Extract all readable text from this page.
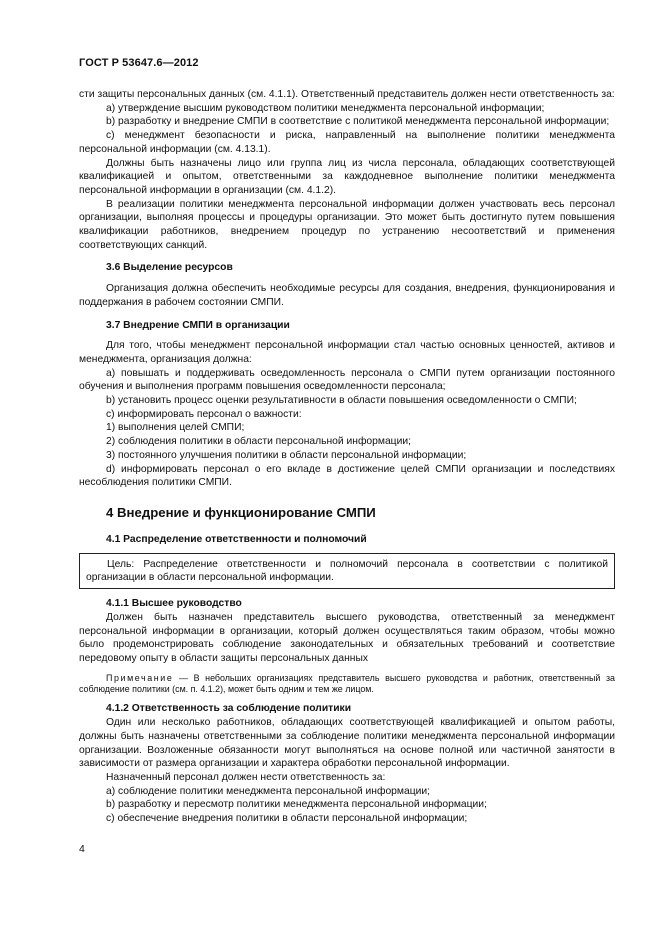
ГОСТ Р 53647.6—2012

сти защиты персональных данных (см. 4.1.1). Ответственный представитель должен нести ответственность за:

а) утверждение высшим руководством политики менеджмента персональной информации;

b) разработку и внедрение СМПИ в соответствие с политикой менеджмента персональной информации;

с) менеджмент безопасности и риска, направленный на выполнение политики менеджмента персональной информации (см. 4.13.1).

Должны быть назначены лицо или группа лиц из числа персонала, обладающих соответствующей квалификацией и опытом, ответственными за каждодневное выполнение политики менеджмента персональной информации в организации (см. 4.1.2).

В реализации политики менеджмента персональной информации должен участвовать весь персонал организации, выполняя процессы и процедуры организации. Это может быть достигнуто путем повышения квалификации работников, внедрением процедур по устранению несоответствий и применения соответствующих санкций.

3.6 Выделение ресурсов

Организация должна обеспечить необходимые ресурсы для создания, внедрения, функционирования и поддержания в рабочем состоянии СМПИ.

3.7 Внедрение СМПИ в организации

Для того, чтобы менеджмент персональной информации стал частью основных ценностей, активов и менеджмента, организация должна:

а) повышать и поддерживать осведомленность персонала о СМПИ путем организации постоянного обучения и выполнения программ повышения осведомленности персонала;

b) установить процесс оценки результативности в области повышения осведомленности о СМПИ;

с) информировать персонал о важности:

1) выполнения целей СМПИ;

2) соблюдения политики в области персональной информации;

3) постоянного улучшения политики в области персональной информации;

d) информировать персонал о его вкладе в достижение целей СМПИ организации и последствиях несоблюдения политики СМПИ.

4 Внедрение и функционирование СМПИ

4.1 Распределение ответственности и полномочий

Цель: Распределение ответственности и полномочий персонала в соответствии с политикой организации в области персональной информации.

4.1.1 Высшее руководство

Должен быть назначен представитель высшего руководства, ответственный за менеджмент персональной информации в организации, который должен осуществляться таким образом, чтобы можно было продемонстрировать соблюдение законодательных и обязательных требований и соответствие передовому опыту в области защиты персональных данных

Примечание — В небольших организациях представитель высшего руководства и работник, ответственный за соблюдение политики (см. п. 4.1.2), может быть одним и тем же лицом.

4.1.2 Ответственность за соблюдение политики

Один или несколько работников, обладающих соответствующей квалификацией и опытом работы, должны быть назначены ответственными за соблюдение политики менеджмента персональной информации организации. Возложенные обязанности могут выполняться на основе полной или частичной занятости в зависимости от размера организации и характера обработки персональной информации.

Назначенный персонал должен нести ответственность за:

а) соблюдение политики менеджмента персональной информации;

b) разработку и пересмотр политики менеджмента персональной информации;

с) обеспечение внедрения политики в области персональной информации;

4
